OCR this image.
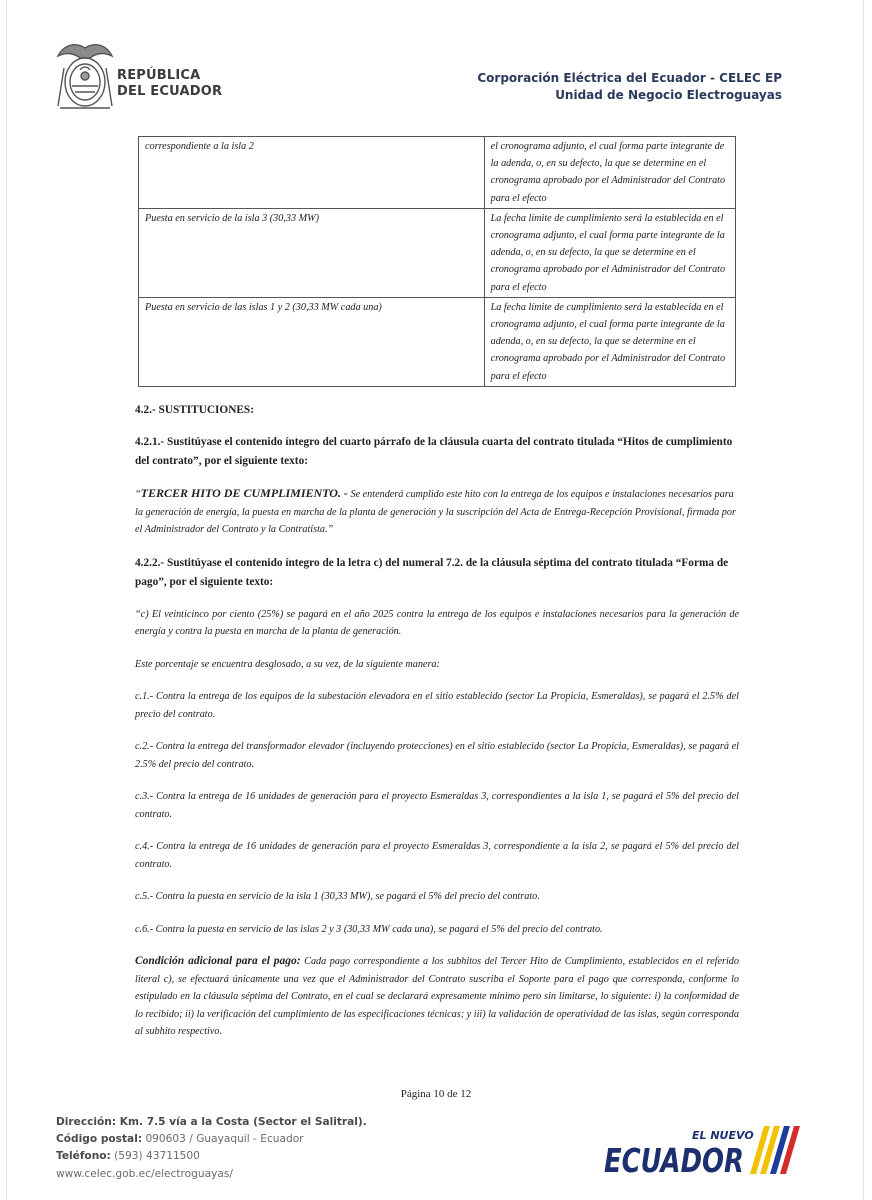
REPÚBLICA
DEL ECUADOR
Corporación Eléctrica del Ecuador - CELEC EP
Unidad de Negocio Electroguayas
correspondiente a la isla 2	el cronograma adjunto, el cual forma parte integrante de la adenda, o, en su defecto, la que se determine en el cronograma aprobado por el Administrador del Contrato para el efecto
Puesta en servicio de la isla 3 (30,33 MW)	La fecha límite de cumplimiento será la establecida en el cronograma adjunto, el cual forma parte integrante de la adenda, o, en su defecto, la que se determine en el cronograma aprobado por el Administrador del Contrato para el efecto
Puesta en servicio de las islas 1 y 2 (30,33 MW cada una)	La fecha límite de cumplimiento será la establecida en el cronograma adjunto, el cual forma parte integrante de la adenda, o, en su defecto, la que se determine en el cronograma aprobado por el Administrador del Contrato para el efecto

4.2.- SUSTITUCIONES:

4.2.1.- Sustitúyase el contenido íntegro del cuarto párrafo de la cláusula cuarta del contrato titulada “Hitos de cumplimiento del contrato”, por el siguiente texto:

“TERCER HITO DE CUMPLIMIENTO. - Se entenderá cumplido este hito con la entrega de los equipos e instalaciones necesarios para la generación de energía, la puesta en marcha de la planta de generación y la suscripción del Acta de Entrega-Recepción Provisional, firmada por el Administrador del Contrato y la Contratista.”

4.2.2.- Sustitúyase el contenido íntegro de la letra c) del numeral 7.2. de la cláusula séptima del contrato titulada “Forma de pago”, por el siguiente texto:

“c) El veinticinco por ciento (25%) se pagará en el año 2025 contra la entrega de los equipos e instalaciones necesarios para la generación de energía y contra la puesta en marcha de la planta de generación.

Este porcentaje se encuentra desglosado, a su vez, de la siguiente manera:

c.1.- Contra la entrega de los equipos de la subestación elevadora en el sitio establecido (sector La Propicia, Esmeraldas), se pagará el 2.5% del precio del contrato.

c.2.- Contra la entrega del transformador elevador (incluyendo protecciones) en el sitio establecido (sector La Propicia, Esmeraldas), se pagará el 2.5% del precio del contrato.

c.3.- Contra la entrega de 16 unidades de generación para el proyecto Esmeraldas 3, correspondientes a la isla 1, se pagará el 5% del precio del contrato.

c.4.- Contra la entrega de 16 unidades de generación para el proyecto Esmeraldas 3, correspondiente a la isla 2, se pagará el 5% del precio del contrato.

c.5.- Contra la puesta en servicio de la isla 1 (30,33 MW), se pagará el 5% del precio del contrato.

c.6.- Contra la puesta en servicio de las islas 2 y 3 (30,33 MW cada una), se pagará el 5% del precio del contrato.

Condición adicional para el pago: Cada pago correspondiente a los subhitos del Tercer Hito de Cumplimiento, establecidos en el referido literal c), se efectuará únicamente una vez que el Administrador del Contrato suscriba el Soporte para el pago que corresponda, conforme lo estipulado en la cláusula séptima del Contrato, en el cual se declarará expresamente mínimo pero sin limitarse, lo siguiente: i) la conformidad de lo recibido; ii) la verificación del cumplimiento de las especificaciones técnicas; y iii) la validación de operatividad de las islas, según corresponda al subhito respectivo.

Página 10 de 12
Dirección: Km. 7.5 vía a la Costa (Sector el Salitral).
Código postal: 090603 / Guayaquil - Ecuador
Teléfono: (593) 43711500
www.celec.gob.ec/electroguayas/
EL NUEVO
ECUADOR
